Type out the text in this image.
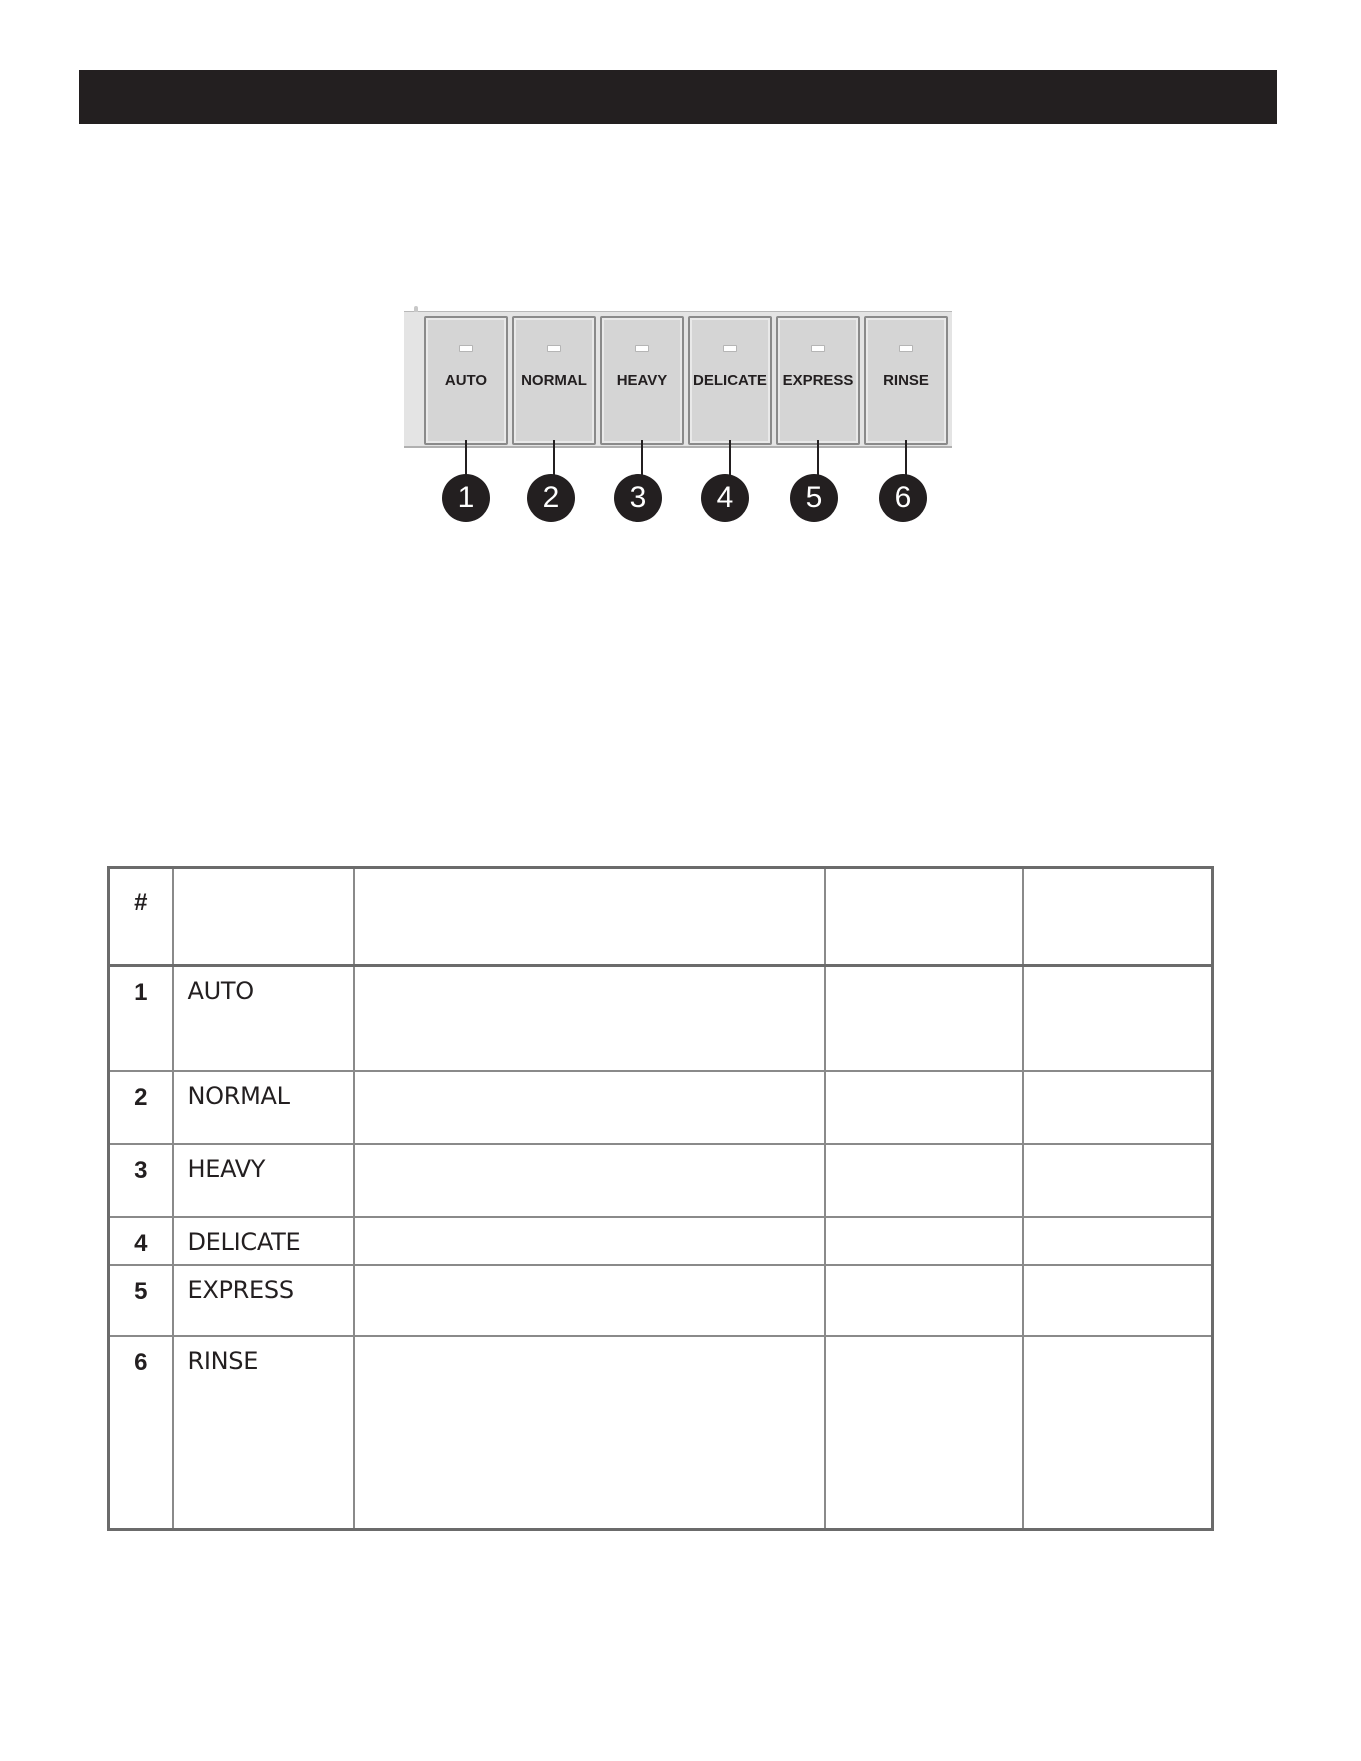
AUTO NORMAL HEAVY DELICATE EXPRESS RINSE
1	2	3	4	5	6
#				
1	AUTO			
2	NORMAL			
3	HEAVY			
4	DELICATE			
5	EXPRESS			
6	RINSE			
